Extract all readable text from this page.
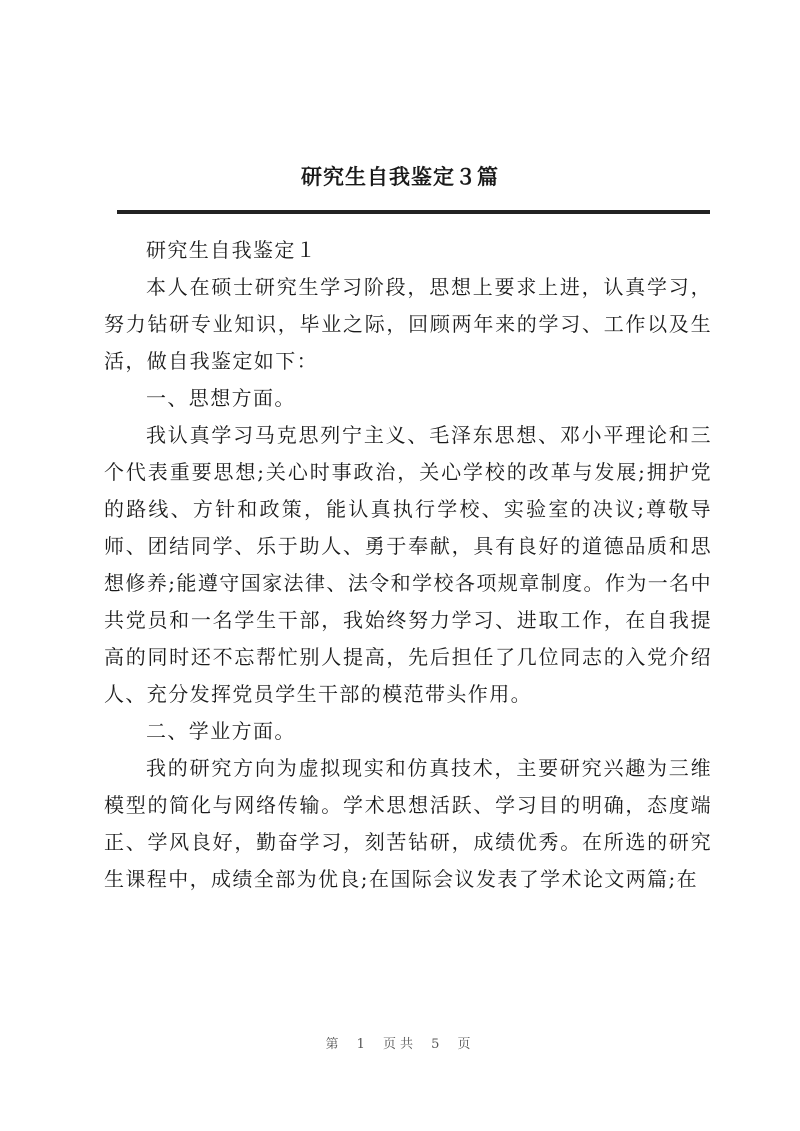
研究生自我鉴定３篇

研究生自我鉴定１

本人在硕士研究生学习阶段，思想上要求上进，认真学习，努力钻研专业知识，毕业之际，回顾两年来的学习、工作以及生活，做自我鉴定如下：

一、思想方面。

我认真学习马克思列宁主义、毛泽东思想、邓小平理论和三个代表重要思想;关心时事政治，关心学校的改革与发展;拥护党的路线、方针和政策，能认真执行学校、实验室的决议;尊敬导师、团结同学、乐于助人、勇于奉献，具有良好的道德品质和思想修养;能遵守国家法律、法令和学校各项规章制度。作为一名中共党员和一名学生干部，我始终努力学习、进取工作，在自我提高的同时还不忘帮忙别人提高，先后担任了几位同志的入党介绍人、充分发挥党员学生干部的模范带头作用。

二、学业方面。

我的研究方向为虚拟现实和仿真技术，主要研究兴趣为三维模型的简化与网络传输。学术思想活跃、学习目的明确，态度端正、学风良好，勤奋学习，刻苦钻研，成绩优秀。在所选的研究生课程中，成绩全部为优良;在国际会议发表了学术论文两篇;在

第 1 页共 5 页
